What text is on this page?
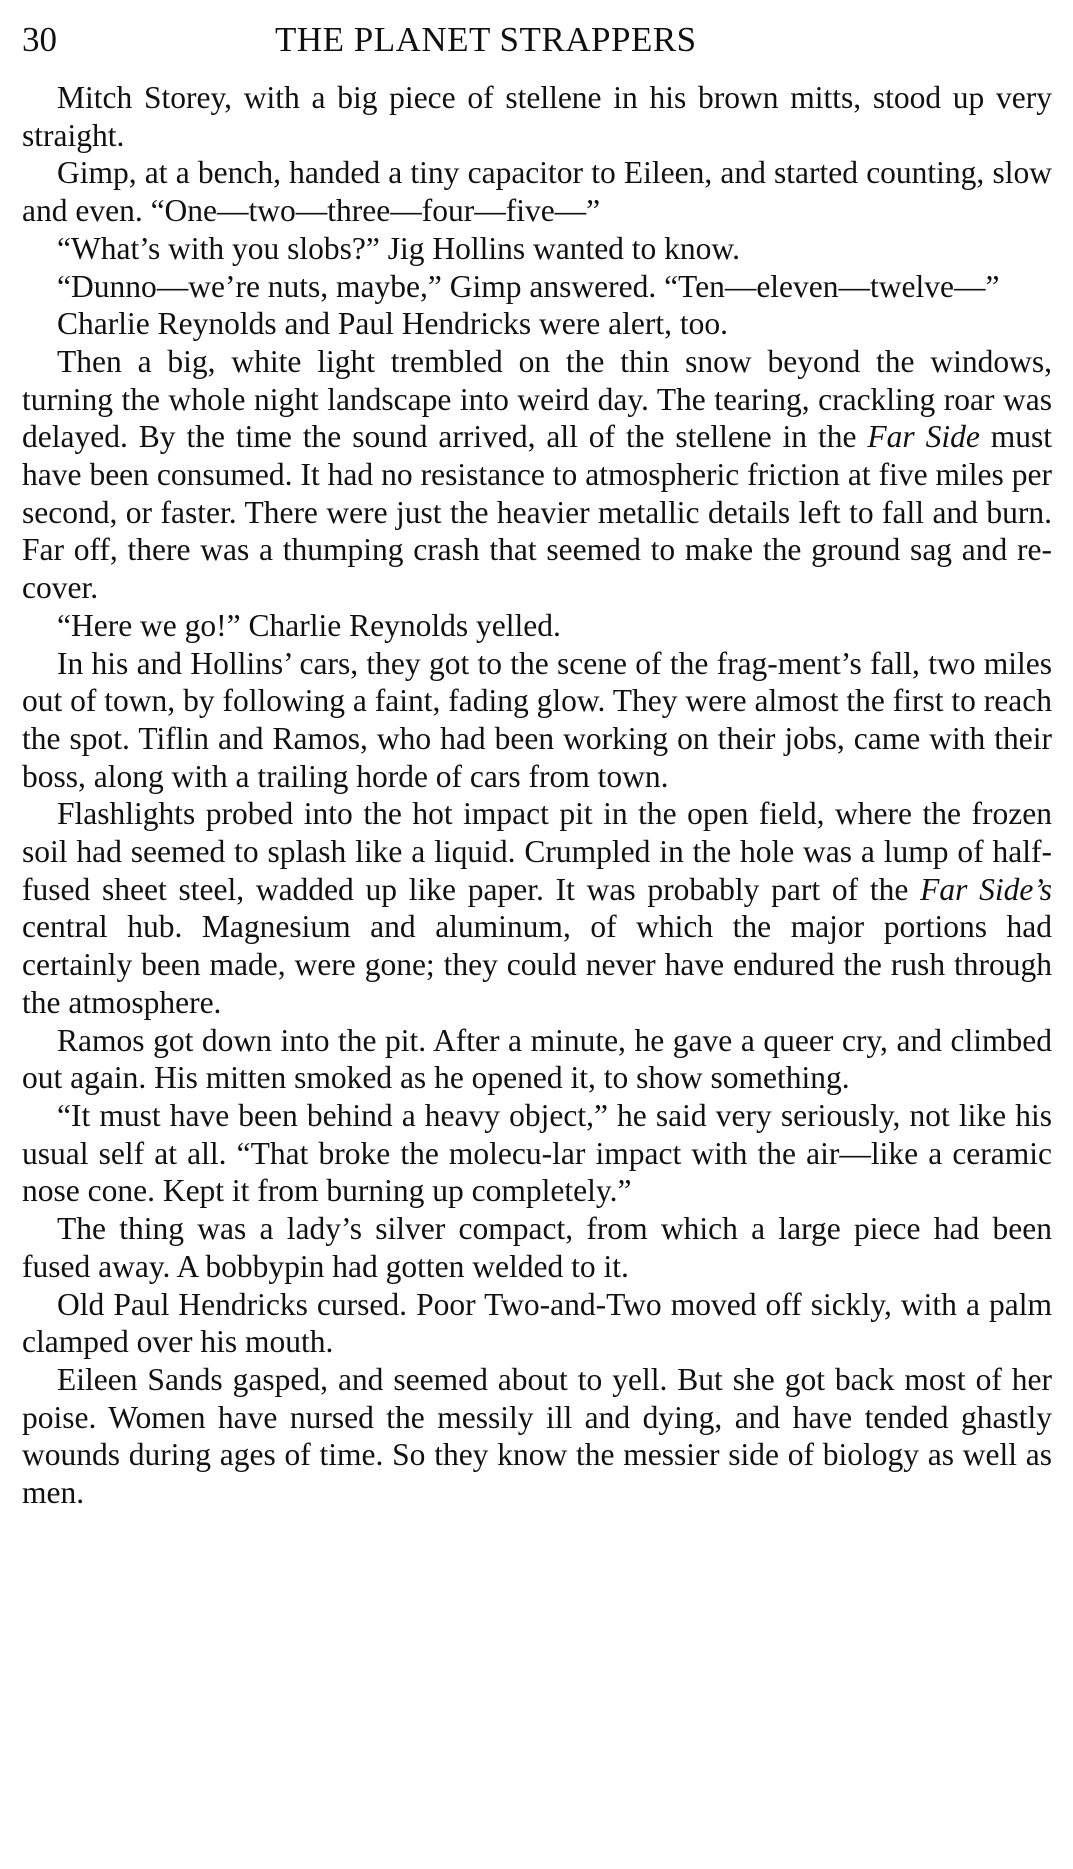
30	THE PLANET STRAPPERS

Mitch Storey, with a big piece of stellene in his brown mitts, stood up very straight.

Gimp, at a bench, handed a tiny capacitor to Eileen, and started counting, slow and even. “One—two—three—four—five—”

“What’s with you slobs?” Jig Hollins wanted to know.

“Dunno—we’re nuts, maybe,” Gimp answered. “Ten—eleven—twelve—”

Charlie Reynolds and Paul Hendricks were alert, too.

Then a big, white light trembled on the thin snow beyond the windows, turning the whole night landscape into weird day. The tearing, crackling roar was delayed. By the time the sound arrived, all of the stellene in the Far Side must have been consumed. It had no resistance to atmospheric friction at five miles per second, or faster. There were just the heavier metallic details left to fall and burn. Far off, there was a thumping crash that seemed to make the ground sag and re-cover.

“Here we go!” Charlie Reynolds yelled.

In his and Hollins’ cars, they got to the scene of the frag-ment’s fall, two miles out of town, by following a faint, fading glow. They were almost the first to reach the spot. Tiflin and Ramos, who had been working on their jobs, came with their boss, along with a trailing horde of cars from town.

Flashlights probed into the hot impact pit in the open field, where the frozen soil had seemed to splash like a liquid. Crumpled in the hole was a lump of half-fused sheet steel, wadded up like paper. It was probably part of the Far Side’s central hub. Magnesium and aluminum, of which the major portions had certainly been made, were gone; they could never have endured the rush through the atmosphere.

Ramos got down into the pit. After a minute, he gave a queer cry, and climbed out again. His mitten smoked as he opened it, to show something.

“It must have been behind a heavy object,” he said very seriously, not like his usual self at all. “That broke the molecu-lar impact with the air—like a ceramic nose cone. Kept it from burning up completely.”

The thing was a lady’s silver compact, from which a large piece had been fused away. A bobbypin had gotten welded to it.

Old Paul Hendricks cursed. Poor Two-and-Two moved off sickly, with a palm clamped over his mouth.

Eileen Sands gasped, and seemed about to yell. But she got back most of her poise. Women have nursed the messily ill and dying, and have tended ghastly wounds during ages of time. So they know the messier side of biology as well as men.
